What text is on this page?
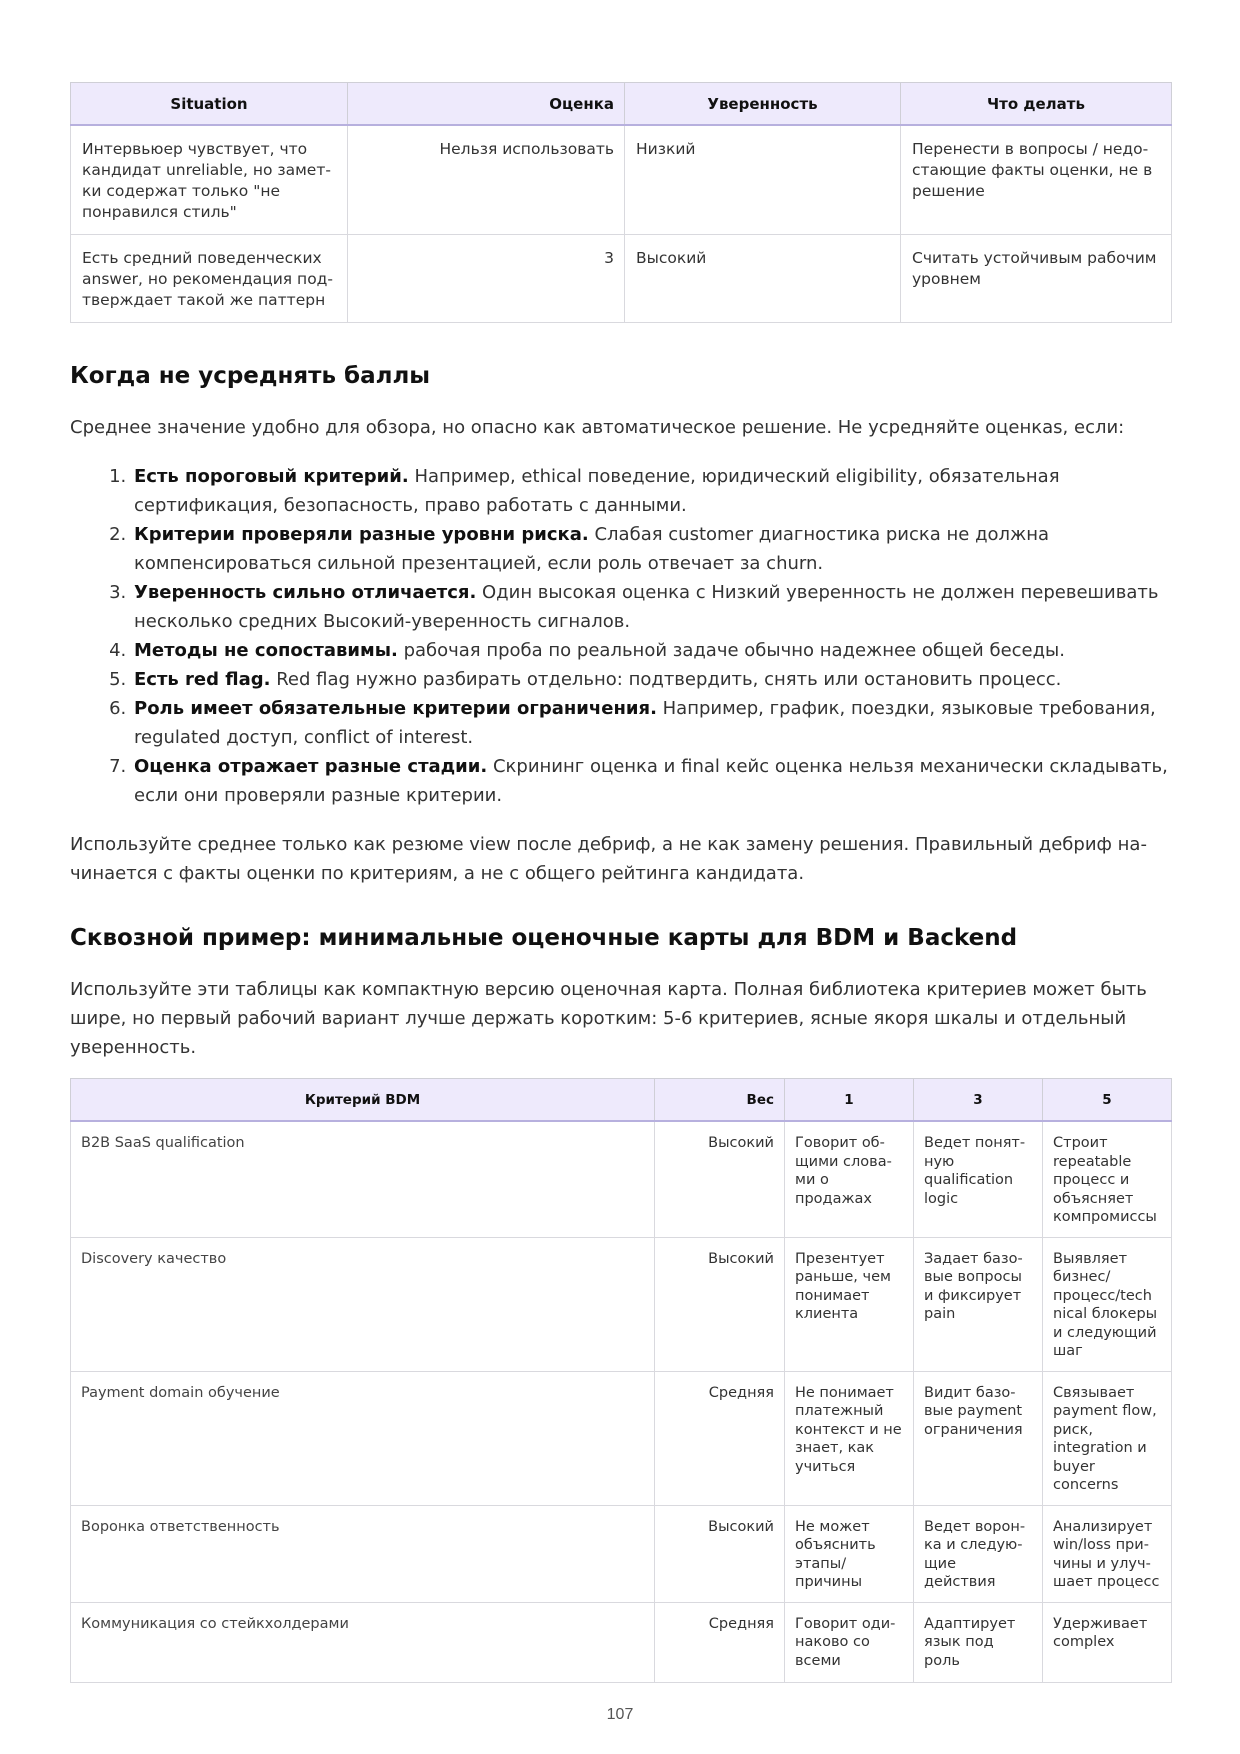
Situation	Оценка	Уверенность	Что делать
Интервьюер чувствует, что кандидат unreliable, но заметки содержат только "не понравился стиль"	Нельзя использовать	Низкий	Перенести в вопросы / недостающие факты оценки, не в решение
Есть средний поведенческих answer, но рекомендация подтверждает такой же паттерн	3	Высокий	Считать устойчивым рабочим уровнем
Когда не усреднять баллы

Среднее значение удобно для обзора, но опасно как автоматическое решение. Не усредняйте оценкаs, если:

1. Есть пороговый критерий. Например, ethical поведение, юридический eligibility, обязательная сертификация, безопасность, право работать с данными.
2. Критерии проверяли разные уровни риска. Слабая customer диагностика риска не должна компенсироваться сильной презентацией, если роль отвечает за churn.
3. Уверенность сильно отличается. Один высокая оценка с Низкий уверенность не должен перевешивать несколько средних Высокий-уверенность сигналов.
4. Методы не сопоставимы. рабочая проба по реальной задаче обычно надежнее общей беседы.
5. Есть red flag. Red flag нужно разбирать отдельно: подтвердить, снять или остановить процесс.
6. Роль имеет обязательные критерии ограничения. Например, график, поездки, языковые требования, regulated доступ, conflict of interest.
7. Оценка отражает разные стадии. Скрининг оценка и final кейс оценка нельзя механически складывать, если они проверяли разные критерии.

Используйте среднее только как резюме view после дебриф, а не как замену решения. Правильный дебриф начинается с факты оценки по критериям, а не с общего рейтинга кандидата.

Сквозной пример: минимальные оценочные карты для BDM и Backend

Используйте эти таблицы как компактную версию оценочная карта. Полная библиотека критериев может быть шире, но первый рабочий вариант лучше держать коротким: 5-6 критериев, ясные якоря шкалы и отдельный уверенность.

Критерий BDM	Вес	1	3	5
B2B SaaS qualification	Высокий	Говорит общими словами о продажах	Ведет понятную qualification logic	Строит repeatable процесс и объясняет компромиссы
Discovery качество	Высокий	Презентует раньше, чем понимает клиента	Задает базовые вопросы и фиксирует pain	Выявляет бизнес/ процесс/tech nical блокеры и следующий шаг
Payment domain обучение	Средняя	Не понимает платежный контекст и не знает, как учиться	Видит базовые payment ограничения	Связывает payment flow, риск, integration и buyer concerns
Воронка ответственность	Высокий	Не может объяснить этапы/ причины	Ведет воронка и следующие действия	Анализирует win/loss причины и улучшает процесс
Коммуникация со стейкхолдерами	Средняя	Говорит одинаково со всеми	Адаптирует язык под роль	Удерживает complex
107
